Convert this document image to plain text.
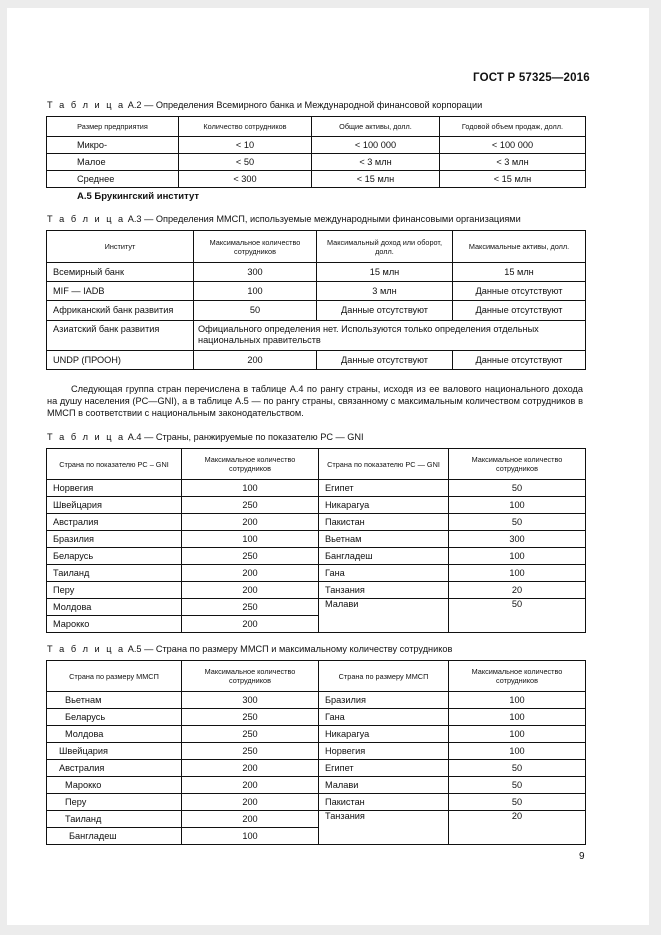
ГОСТ Р 57325—2016
Т а б л и ц а А.2 — Определения Всемирного банка и Международной финансовой корпорации
Размер предприятия	Количество сотрудников	Общие активы, долл.	Годовой объем продаж, долл.
Микро-	< 10	< 100 000	< 100 000
Малое	< 50	< 3 млн	< 3 млн
Среднее	< 300	< 15 млн	< 15 млн
А.5 Брукингский институт
Т а б л и ц а А.3 — Определения ММСП, используемые международными финансовыми организациями
Институт	Максимальное количество сотрудников	Максимальный доход или оборот, долл.	Максимальные активы, долл.
Всемирный банк	300	15 млн	15 млн
MIF — IADB	100	3 млн	Данные отсутствуют
Африканский банк развития	50	Данные отсутствуют	Данные отсутствуют
Азиатский банк развития	Официального определения нет. Используются только определения отдельных национальных правительств		
UNDP (ПРООН)	200	Данные отсутствуют	Данные отсутствуют
Следующая группа стран перечислена в таблице А.4 по рангу страны, исходя из ее валового национального дохода на душу населения (PC—GNI), а в таблице А.5 — по рангу страны, связанному с максимальным количеством сотрудников в ММСП в соответствии с национальным законодательством.
Т а б л и ц а А.4 — Страны, ранжируемые по показателю PC — GNI
Страна по показателю PC – GNI	Максимальное количество сотрудников	Страна по показателю PC — GNI	Максимальное количество сотрудников
Норвегия	100	Египет	50
Швейцария	250	Никарагуа	100
Австралия	200	Пакистан	50
Бразилия	100	Вьетнам	300
Беларусь	250	Бангладеш	100
Таиланд	200	Гана	100
Перу	200	Танзания	20
Молдова	250	Малави	50
Марокко	200		
Т а б л и ц а А.5 — Страна по размеру ММСП и максимальному количеству сотрудников
Страна по размеру ММСП	Максимальное количество сотрудников	Страна по размеру ММСП	Максимальное количество сотрудников
Вьетнам	300	Бразилия	100
Беларусь	250	Гана	100
Молдова	250	Никарагуа	100
Швейцария	250	Норвегия	100
Австралия	200	Египет	50
Марокко	200	Малави	50
Перу	200	Пакистан	50
Таиланд	200	Танзания	20
Бангладеш	100		
9
